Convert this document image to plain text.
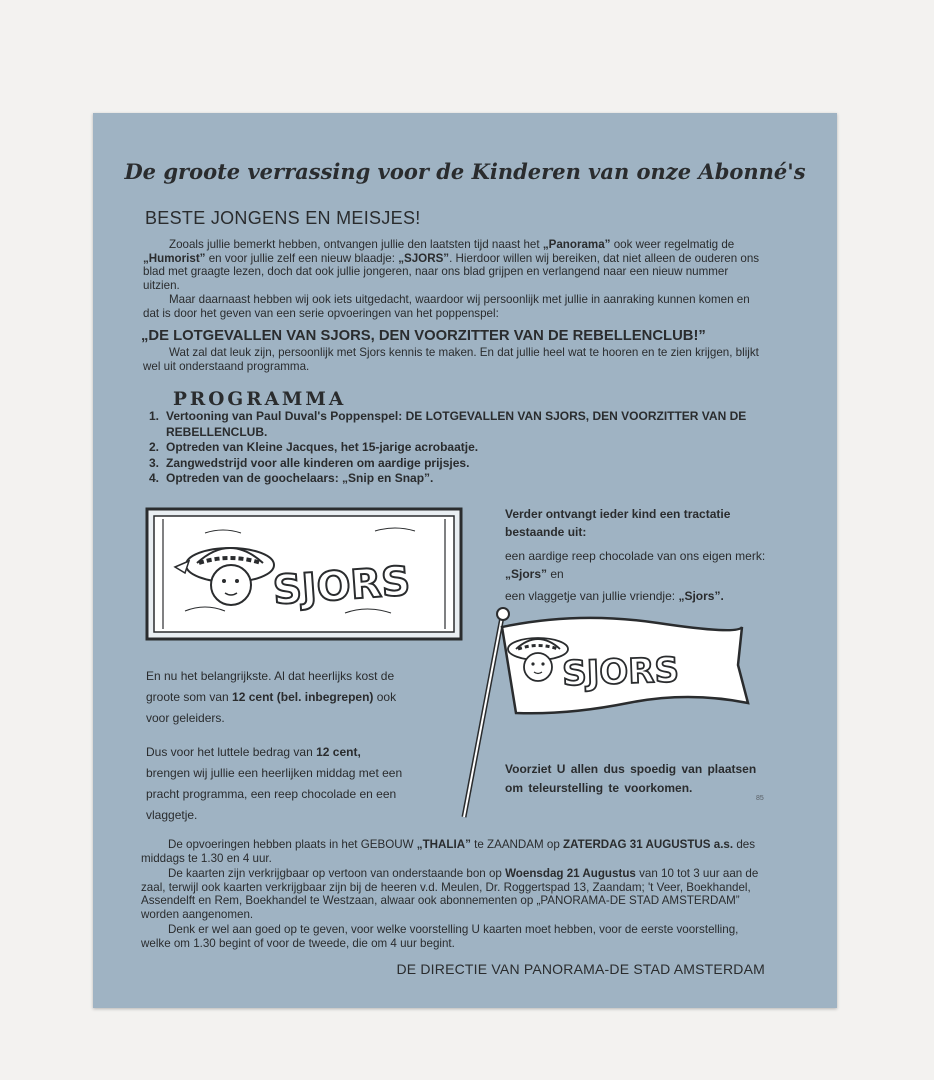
De groote verrassing voor de Kinderen van onze Abonné's
BESTE JONGENS EN MEISJES!

Zooals jullie bemerkt hebben, ontvangen jullie den laatsten tijd naast het „Panorama” ook weer regelmatig de „Humorist” en voor jullie zelf een nieuw blaadje: „SJORS”. Hierdoor willen wij bereiken, dat niet alleen de ouderen ons blad met graagte lezen, doch dat ook jullie jongeren, naar ons blad grijpen en verlangend naar een nieuw nummer uitzien.

Maar daarnaast hebben wij ook iets uitgedacht, waardoor wij persoonlijk met jullie in aanraking kunnen komen en dat is door het geven van een serie opvoeringen van het poppenspel:

„DE LOTGEVALLEN VAN SJORS, DEN VOORZITTER VAN DE REBELLENCLUB!”

Wat zal dat leuk zijn, persoonlijk met Sjors kennis te maken. En dat jullie heel wat te hooren en te zien krijgen, blijkt wel uit onderstaand programma.

PROGRAMMA
1. Vertooning van Paul Duval's Poppenspel: DE LOTGEVALLEN VAN SJORS, DEN VOORZITTER VAN DE REBELLENCLUB.
2. Optreden van Kleine Jacques, het 15-jarige acrobaatje.
3. Zangwedstrijd voor alle kinderen om aardige prijsjes.
4. Optreden van de goochelaars: „Snip en Snap”.
SJORS
Verder ontvangt ieder kind een tractatie bestaande uit:
een aardige reep chocolade van ons eigen merk: „Sjors” en
een vlaggetje van jullie vriendje: „Sjors”.
SJORS
En nu het belangrijkste. Al dat heerlijks kost de groote som van 12 cent (bel. inbegrepen) ook voor geleiders.
Dus voor het luttele bedrag van 12 cent, brengen wij jullie een heerlijken middag met een pracht programma, een reep chocolade en een vlaggetje.
Voorziet U allen dus spoedig van plaatsen om teleurstelling te voorkomen.
85

De opvoeringen hebben plaats in het GEBOUW „THALIA” te ZAANDAM op ZATERDAG 31 AUGUSTUS a.s. des middags te 1.30 en 4 uur.

De kaarten zijn verkrijgbaar op vertoon van onderstaande bon op Woensdag 21 Augustus van 10 tot 3 uur aan de zaal, terwijl ook kaarten verkrijgbaar zijn bij de heeren v.d. Meulen, Dr. Roggertspad 13, Zaandam; 't Veer, Boekhandel, Assendelft en Rem, Boekhandel te Westzaan, alwaar ook abonnementen op „PANORAMA-DE STAD AMSTERDAM” worden aangenomen.

Denk er wel aan goed op te geven, voor welke voorstelling U kaarten moet hebben, voor de eerste voorstelling, welke om 1.30 begint of voor de tweede, die om 4 uur begint.

DE DIRECTIE VAN PANORAMA-DE STAD AMSTERDAM
